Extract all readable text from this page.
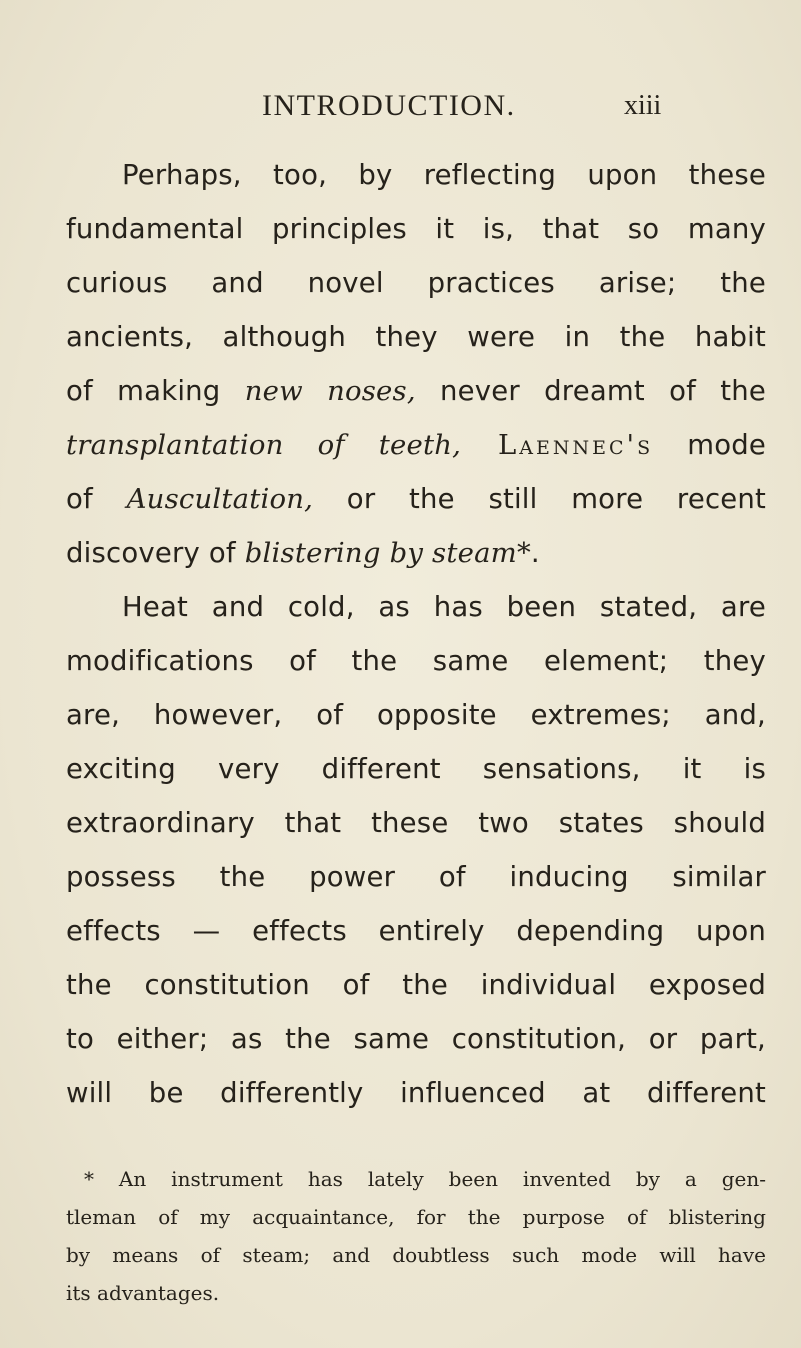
INTRODUCTION.	xiii
Perhaps, too, by reflecting upon these
fundamental principles it is, that so many
curious and novel practices arise; the
ancients, although they were in the habit
of making new noses, never dreamt of the
transplantation of teeth, Laennec's mode
of Auscultation, or the still more recent
discovery of blistering by steam*.
Heat and cold, as has been stated, are
modifications of the same element; they
are, however, of opposite extremes; and,
exciting very different sensations, it is
extraordinary that these two states should
possess the power of inducing similar
effects — effects entirely depending upon
the constitution of the individual exposed
to either; as the same constitution, or part,
will be differently influenced at different
* An instrument has lately been invented by a gen-
tleman of my acquaintance, for the purpose of blistering
by means of steam; and doubtless such mode will have
its advantages.
